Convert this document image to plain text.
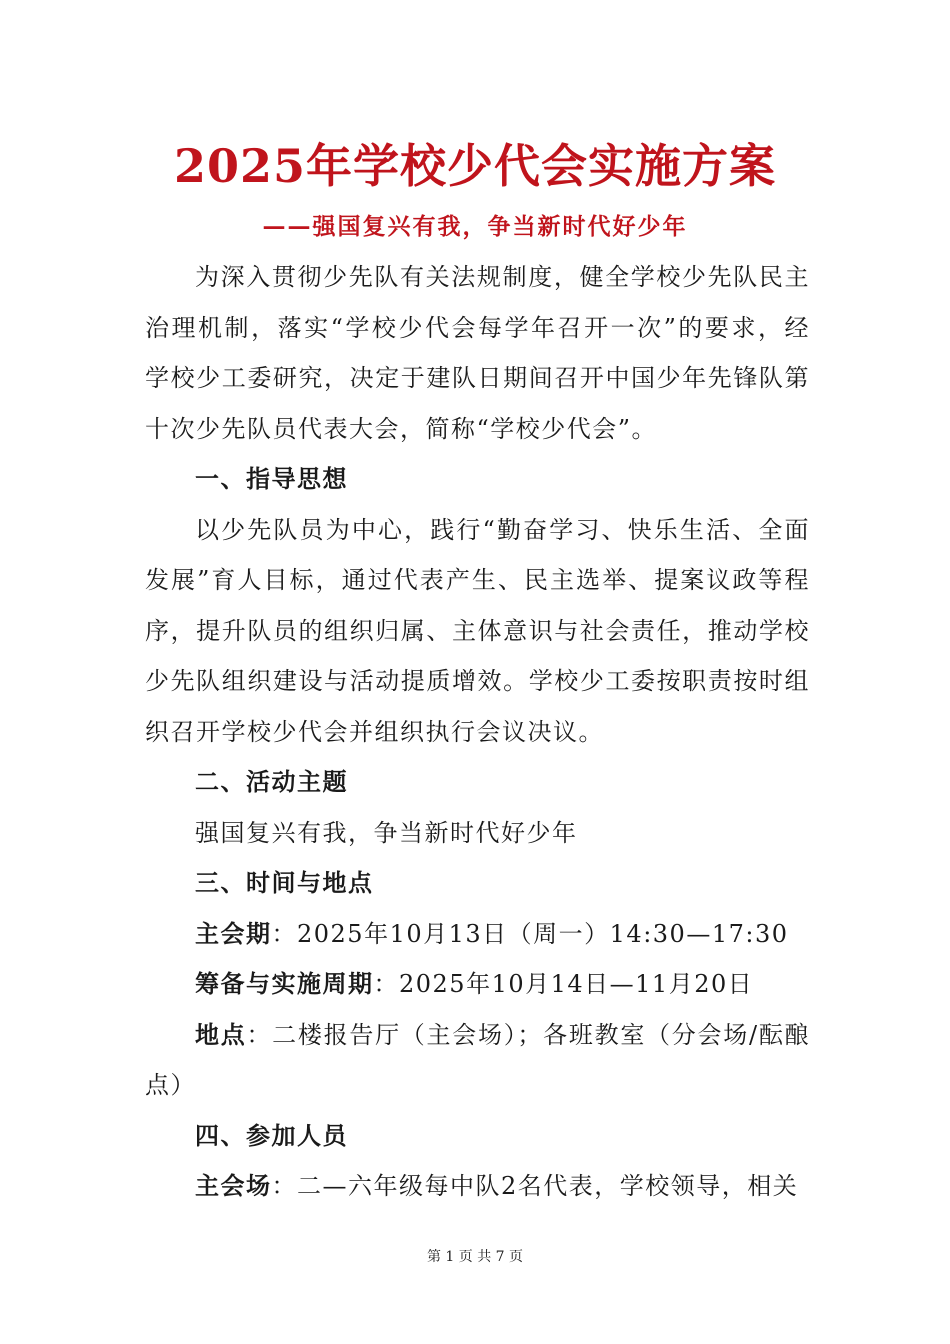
2025年学校少代会实施方案
——强国复兴有我，争当新时代好少年

为深入贯彻少先队有关法规制度，健全学校少先队民主治理机制，落实“学校少代会每学年召开一次”的要求，经学校少工委研究，决定于建队日期间召开中国少年先锋队第十次少先队员代表大会，简称“学校少代会”。

一、指导思想

以少先队员为中心，践行“勤奋学习、快乐生活、全面发展”育人目标，通过代表产生、民主选举、提案议政等程序，提升队员的组织归属、主体意识与社会责任，推动学校少先队组织建设与活动提质增效。学校少工委按职责按时组织召开学校少代会并组织执行会议决议。

二、活动主题

强国复兴有我，争当新时代好少年

三、时间与地点

主会期：2025年10月13日（周一）14:30—17:30

筹备与实施周期：2025年10月14日—11月20日

地点：二楼报告厅（主会场）；各班教室（分会场/酝酿点）

四、参加人员

主会场：二—六年级每中队2名代表，学校领导，相关

第 1 页 共 7 页
